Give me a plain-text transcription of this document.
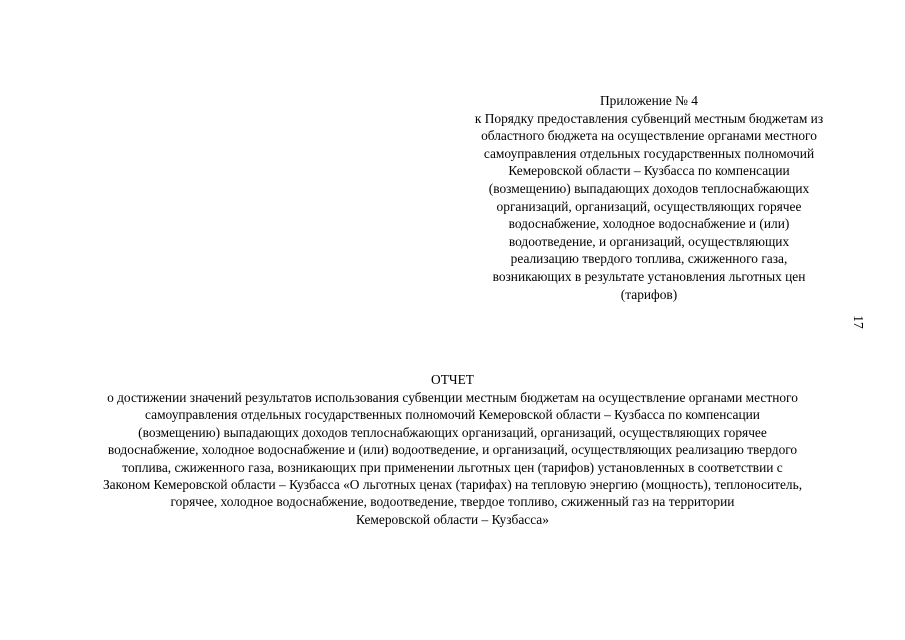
Приложение № 4
к Порядку предоставления субвенций местным бюджетам из
областного бюджета на осуществление органами местного
самоуправления отдельных государственных полномочий
Кемеровской области – Кузбасса по компенсации
(возмещению) выпадающих доходов теплоснабжающих
организаций, организаций, осуществляющих горячее
водоснабжение, холодное водоснабжение и (или)
водоотведение, и организаций, осуществляющих
реализацию твердого топлива, сжиженного газа,
возникающих в результате установления льготных цен
(тарифов)
17
ОТЧЕТ
о достижении значений результатов использования субвенции местным бюджетам на осуществление органами местного
самоуправления отдельных государственных полномочий Кемеровской области – Кузбасса по компенсации
(возмещению) выпадающих доходов теплоснабжающих организаций, организаций, осуществляющих горячее
водоснабжение, холодное водоснабжение и (или) водоотведение, и организаций, осуществляющих реализацию твердого
топлива, сжиженного газа, возникающих при применении льготных цен (тарифов) установленных в соответствии с
Законом Кемеровской области – Кузбасса «О льготных ценах (тарифах) на тепловую энергию (мощность), теплоноситель,
горячее, холодное водоснабжение, водоотведение, твердое топливо, сжиженный газ на территории
Кемеровской области – Кузбасса»
